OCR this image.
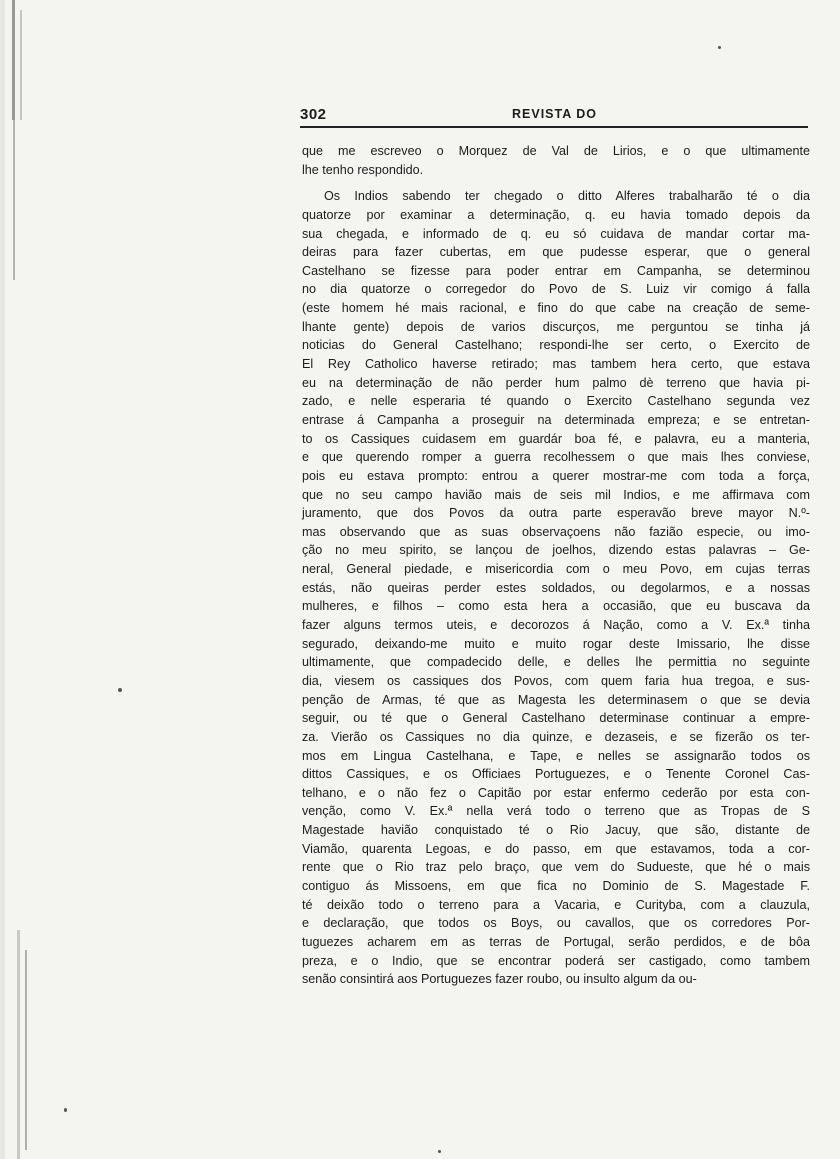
302	REVISTA DO
que me escreveo o Morquez de Val de Lirios, e o que ultimamente
lhe tenho respondido.
Os Indios sabendo ter chegado o ditto Alferes trabalharão té o dia
quatorze por examinar a determinação, q. eu havia tomado depois da
sua chegada, e informado de q. eu só cuidava de mandar cortar ma-
deiras para fazer cubertas, em que pudesse esperar, que o general
Castelhano se fizesse para poder entrar em Campanha, se determinou
no dia quatorze o corregedor do Povo de S. Luiz vir comigo á falla
(este homem hé mais racional, e fino do que cabe na creação de seme-
lhante gente) depois de varios discurços, me perguntou se tinha já
noticias do General Castelhano; respondi-lhe ser certo, o Exercito de
El Rey Catholico haverse retirado; mas tambem hera certo, que estava
eu na determinação de não perder hum palmo dè terreno que havia pi-
zado, e nelle esperaria té quando o Exercito Castelhano segunda vez
entrase á Campanha a proseguir na determinada empreza; e se entretan-
to os Cassiques cuidasem em guardár boa fé, e palavra, eu a manteria,
e que querendo romper a guerra recolhessem o que mais lhes conviese,
pois eu estava prompto: entrou a querer mostrar-me com toda a força,
que no seu campo havião mais de seis mil Indios, e me affirmava com
juramento, que dos Povos da outra parte esperavão breve mayor N.º-
mas observando que as suas observaçoens não fazião especie, ou imo-
ção no meu spirito, se lançou de joelhos, dizendo estas palavras – Ge-
neral, General piedade, e misericordia com o meu Povo, em cujas terras
estás, não queiras perder estes soldados, ou degolarmos, e a nossas
mulheres, e filhos – como esta hera a occasião, que eu buscava da
fazer alguns termos uteis, e decorozos á Nação, como a V. Ex.ª tinha
segurado, deixando-me muito e muito rogar deste Imissario, lhe disse
ultimamente, que compadecido delle, e delles lhe permittia no seguinte
dia, viesem os cassiques dos Povos, com quem faria hua tregoa, e sus-
penção de Armas, té que as Magesta les determinasem o que se devia
seguir, ou té que o General Castelhano determinase continuar a empre-
za. Vierão os Cassiques no dia quinze, e dezaseis, e se fizerão os ter-
mos em Lingua Castelhana, e Tape, e nelles se assignarão todos os
dittos Cassiques, e os Officiaes Portuguezes, e o Tenente Coronel Cas-
telhano, e o não fez o Capitão por estar enfermo cederão por esta con-
venção, como V. Ex.ª nella verá todo o terreno que as Tropas de S
Magestade havião conquistado té o Rio Jacuy, que são, distante de
Viamão, quarenta Legoas, e do passo, em que estavamos, toda a cor-
rente que o Rio traz pelo braço, que vem do Sudueste, que hé o mais
contiguo ás Missoens, em que fica no Dominio de S. Magestade F.
té deixão todo o terreno para a Vacaria, e Curityba, com a clauzula,
e declaração, que todos os Boys, ou cavallos, que os corredores Por-
tuguezes acharem em as terras de Portugal, serão perdidos, e de bôa
preza, e o Indio, que se encontrar poderá ser castigado, como tambem
senão consintirá aos Portuguezes fazer roubo, ou insulto algum da ou-
